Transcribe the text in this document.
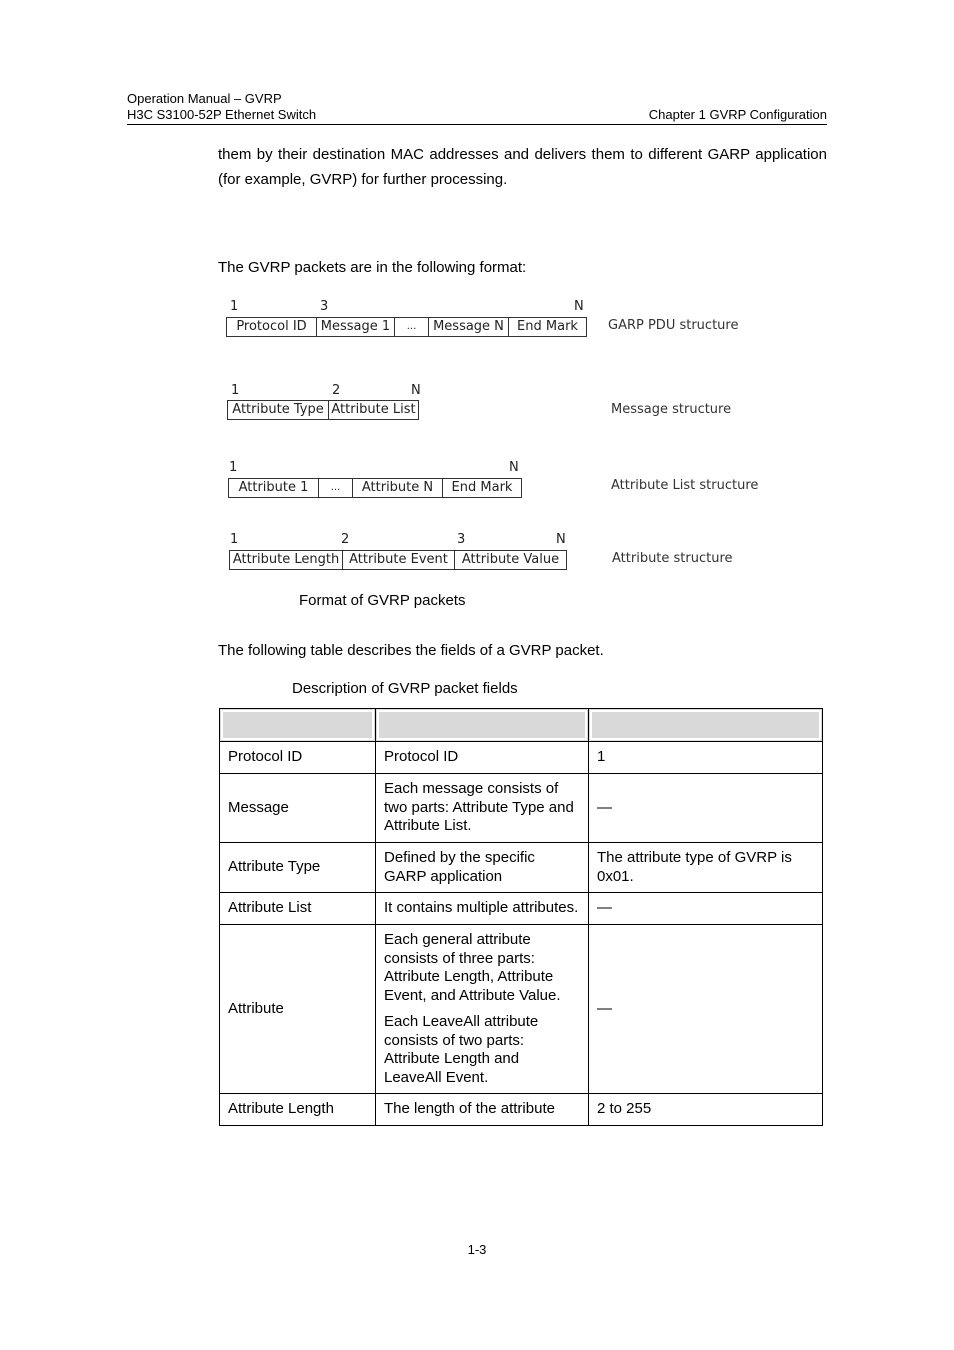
Operation Manual – GVRP
H3C S3100-52P Ethernet Switch	Chapter 1 GVRP Configuration
them by their destination MAC addresses and delivers them to different GARP application (for example, GVRP) for further processing.
The GVRP packets are in the following format:
1	3	N
Protocol ID	Message 1	...	Message N	End Mark	GARP PDU structure
1	2	N
Attribute Type Attribute List	Message structure
1	N
Attribute 1	...	Attribute N	End Mark	Attribute List structure
1	2	3	N
Attribute Length Attribute Event	Attribute Value	Attribute structure
Format of GVRP packets
The following table describes the fields of a GVRP packet.
Description of GVRP packet fields

Protocol ID	Protocol ID	1
Message	Each message consists of two parts: Attribute Type and Attribute List.	—
Attribute Type	Defined by the specific GARP application	The attribute type of GVRP is 0x01.
Attribute List	It contains multiple attributes.	—
Attribute	Each general attribute consists of three parts: Attribute Length, Attribute Event, and Attribute Value.
Each LeaveAll attribute consists of two parts: Attribute Length and LeaveAll Event.	—
Attribute Length	The length of the attribute	2 to 255
1-3
